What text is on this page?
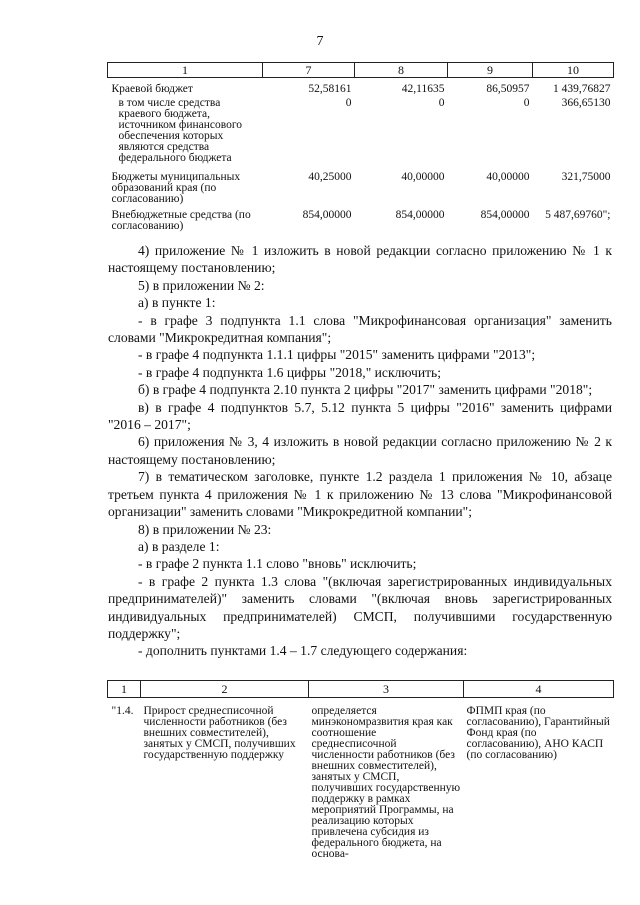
7
1	7	8	9	10
Краевой бюджет	52,58161	42,11635	86,50957	1 439,76827
в том числе средства краевого бюджета, источником финансового обеспечения которых являются средства федерального бюджета	0	0	0	366,65130
Бюджеты муниципальных образований края (по согласованию)	40,25000	40,00000	40,00000	321,75000
Внебюджетные средства (по согласованию)	854,00000	854,00000	854,00000	5 487,69760";

4) приложение № 1 изложить в новой редакции согласно приложению № 1 к настоящему постановлению;

5) в приложении № 2:

а) в пункте 1:

- в графе 3 подпункта 1.1 слова "Микрофинансовая организация" заменить словами "Микрокредитная компания";

- в графе 4 подпункта 1.1.1 цифры "2015" заменить цифрами "2013";

- в графе 4 подпункта 1.6 цифры "2018," исключить;

б) в графе 4 подпункта 2.10 пункта 2 цифры "2017" заменить цифрами "2018";

в) в графе 4 подпунктов 5.7, 5.12 пункта 5 цифры "2016" заменить цифрами "2016 – 2017";

6) приложения № 3, 4 изложить в новой редакции согласно приложению № 2 к настоящему постановлению;

7) в тематическом заголовке, пункте 1.2 раздела 1 приложения № 10, абзаце третьем пункта 4 приложения № 1 к приложению № 13 слова "Микрофинансовой организации" заменить словами "Микрокредитной компании";

8) в приложении № 23:

а) в разделе 1:

- в графе 2 пункта 1.1 слово "вновь" исключить;

- в графе 2 пункта 1.3 слова "(включая зарегистрированных индивидуальных предпринимателей)" заменить словами "(включая вновь зарегистрированных индивидуальных предпринимателей) СМСП, получившими государственную поддержку";

- дополнить пунктами 1.4 – 1.7 следующего содержания:

1	2	3	4
"1.4.	Прирост среднесписочной численности работников (без внешних совместителей), занятых у СМСП, получивших государственную поддержку	определяется минэкономразвития края как соотношение среднесписочной численности работников (без внешних совместителей), занятых у СМСП, получивших государственную поддержку в рамках мероприятий Программы, на реализацию которых привлечена субсидия из федерального бюджета, на основа-	ФПМП края (по согласованию), Гарантийный Фонд края (по согласованию), АНО КАСП (по согласованию)
